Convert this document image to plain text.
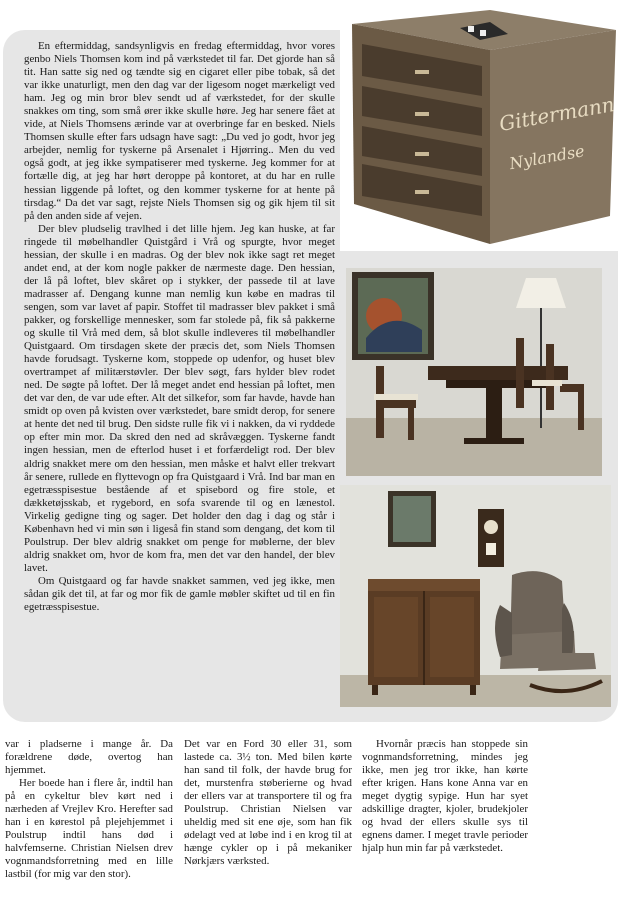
En eftermiddag, sandsynligvis en fredag eftermiddag, hvor vores genbo Niels Thomsen kom ind på værkstedet til far. Det gjorde han så tit. Han satte sig ned og tændte sig en cigaret eller pibe tobak, så det var ikke unaturligt, men den dag var der ligesom noget mærkeligt ved ham. Jeg og min bror blev sendt ud af værkstedet, for der skulle snakkes om ting, som små ører ikke skulle høre. Jeg har senere fået at vide, at Niels Thomsens ærinde var at overbringe far en besked. Niels Thomsen skulle efter fars udsagn have sagt: „Du ved jo godt, hvor jeg arbejder, nemlig for tyskerne på Arsenalet i Hjørring.. Men du ved også godt, at jeg ikke sympatiserer med tyskerne. Jeg kommer for at fortælle dig, at jeg har hørt deroppe på kontoret, at du har en rulle hessian liggende på loftet, og den kommer tyskerne for at hente på tirsdag.“ Da det var sagt, rejste Niels Thomsen sig og gik hjem til sit på den anden side af vejen.

Der blev pludselig travlhed i det lille hjem. Jeg kan huske, at far ringede til møbelhandler Quistgård i Vrå og spurgte, hvor meget hessian, der skulle i en madras. Og der blev nok ikke sagt ret meget andet end, at der kom nogle pakker de nærmeste dage. Den hessian, der lå på loftet, blev skåret op i stykker, der passede til at lave madrasser af. Dengang kunne man nemlig kun købe en madras til sengen, som var lavet af papir. Stoffet til madrasser blev pakket i små pakker, og forskellige mennesker, som far stolede på, fik så pakkerne og skulle til Vrå med dem, så blot skulle indleveres til møbelhandler Quistgaard. Om tirsdagen skete der præcis det, som Niels Thomsen havde forudsagt. Tyskerne kom, stoppede op udenfor, og huset blev overtrampet af militærstøvler. Der blev søgt, fars hylder blev rodet ned. De søgte på loftet. Der lå meget andet end hessian på loftet, men det var den, de var ude efter. Alt det silkefor, som far havde, havde han smidt op oven på kvisten over værkstedet, bare smidt derop, for senere at hente det ned til brug. Den sidste rulle fik vi i nakken, da vi ryddede op efter min mor. Da skred den ned ad skråvæggen. Tyskerne fandt ingen hessian, men de efterlod huset i et forfærdeligt rod. Der blev aldrig snakket mere om den hessian, men måske et halvt eller trekvart år senere, rullede en flyttevogn op fra Quistgaard i Vrå. Ind bar man en egetræsspisestue bestående af et spisebord og fire stole, et dækketøjsskab, et rygebord, en sofa svarende til og en lænestol. Virkelig gedigne ting og sager. Det holder den dag i dag og står i København hed vi min søn i ligeså fin stand som dengang, det kom til Poulstrup. Der blev aldrig snakket om penge for møblerne, der blev aldrig snakket om, hvor de kom fra, men det var den handel, der blev lavet.

Om Quistgaard og far havde snakket sammen, ved jeg ikke, men sådan gik det til, at far og mor fik de gamle møbler skiftet ud til en fin egetræsspisestue.

Gittermann
Nylandse

var i pladserne i mange år. Da forældrene døde, overtog han hjemmet.

Her boede han i flere år, indtil han på en cykeltur blev kørt ned i nærheden af Vrejlev Kro. Herefter sad han i en kørestol på plejehjemmet i Poulstrup indtil hans død i halvfemserne. Christian Nielsen drev vognmandsforretning med en lille lastbil (for mig var den stor).

Det var en Ford 30 eller 31, som lastede ca. 3½ ton. Med bilen kørte han sand til folk, der havde brug for det, murstenfra støberierne og hvad der ellers var at transportere til og fra Poulstrup. Christian Nielsen var uheldig med sit ene øje, som han fik ødelagt ved at løbe ind i en krog til at hænge cykler op i på mekaniker Nørkjærs værksted.

Hvornår præcis han stoppede sin vognmandsforretning, mindes jeg ikke, men jeg tror ikke, han kørte efter krigen. Hans kone Anna var en meget dygtig sypige. Hun har syet adskillige dragter, kjoler, brudekjoler og hvad der ellers skulle sys til egnens damer. I meget travle perioder hjalp hun min far på værkstedet.
